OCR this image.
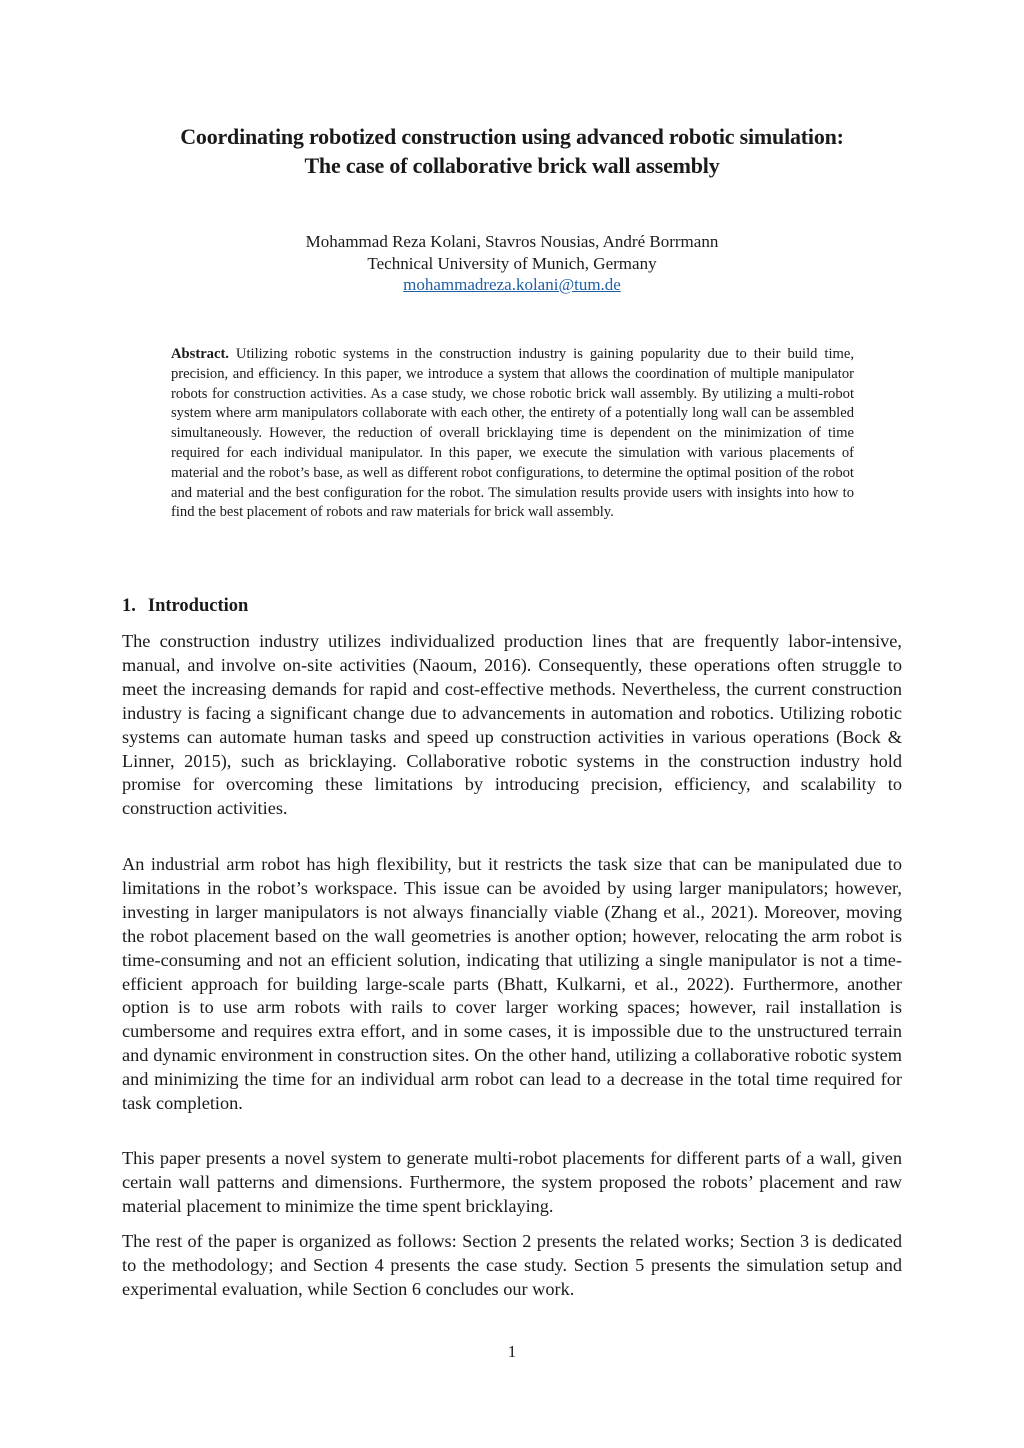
Coordinating robotized construction using advanced robotic simulation:
The case of collaborative brick wall assembly
Mohammad Reza Kolani, Stavros Nousias, André Borrmann
Technical University of Munich, Germany
mohammadreza.kolani@tum.de

Abstract. Utilizing robotic systems in the construction industry is gaining popularity due to their build time, precision, and efficiency. In this paper, we introduce a system that allows the coordination of multiple manipulator robots for construction activities. As a case study, we chose robotic brick wall assembly. By utilizing a multi-robot system where arm manipulators collaborate with each other, the entirety of a potentially long wall can be assembled simultaneously. However, the reduction of overall bricklaying time is dependent on the minimization of time required for each individual manipulator. In this paper, we execute the simulation with various placements of material and the robot’s base, as well as different robot configurations, to determine the optimal position of the robot and material and the best configuration for the robot. The simulation results provide users with insights into how to find the best placement of robots and raw materials for brick wall assembly.

1. Introduction

The construction industry utilizes individualized production lines that are frequently labor-intensive, manual, and involve on-site activities (Naoum, 2016). Consequently, these operations often struggle to meet the increasing demands for rapid and cost-effective methods. Nevertheless, the current construction industry is facing a significant change due to advancements in automation and robotics. Utilizing robotic systems can automate human tasks and speed up construction activities in various operations (Bock & Linner, 2015), such as bricklaying. Collaborative robotic systems in the construction industry hold promise for overcoming these limitations by introducing precision, efficiency, and scalability to construction activities.

An industrial arm robot has high flexibility, but it restricts the task size that can be manipulated due to limitations in the robot’s workspace. This issue can be avoided by using larger manipulators; however, investing in larger manipulators is not always financially viable (Zhang et al., 2021). Moreover, moving the robot placement based on the wall geometries is another option; however, relocating the arm robot is time-consuming and not an efficient solution, indicating that utilizing a single manipulator is not a time-efficient approach for building large-scale parts (Bhatt, Kulkarni, et al., 2022). Furthermore, another option is to use arm robots with rails to cover larger working spaces; however, rail installation is cumbersome and requires extra effort, and in some cases, it is impossible due to the unstructured terrain and dynamic environment in construction sites. On the other hand, utilizing a collaborative robotic system and minimizing the time for an individual arm robot can lead to a decrease in the total time required for task completion.

This paper presents a novel system to generate multi-robot placements for different parts of a wall, given certain wall patterns and dimensions. Furthermore, the system proposed the robots’ placement and raw material placement to minimize the time spent bricklaying.

The rest of the paper is organized as follows: Section 2 presents the related works; Section 3 is dedicated to the methodology; and Section 4 presents the case study. Section 5 presents the simulation setup and experimental evaluation, while Section 6 concludes our work.

1
